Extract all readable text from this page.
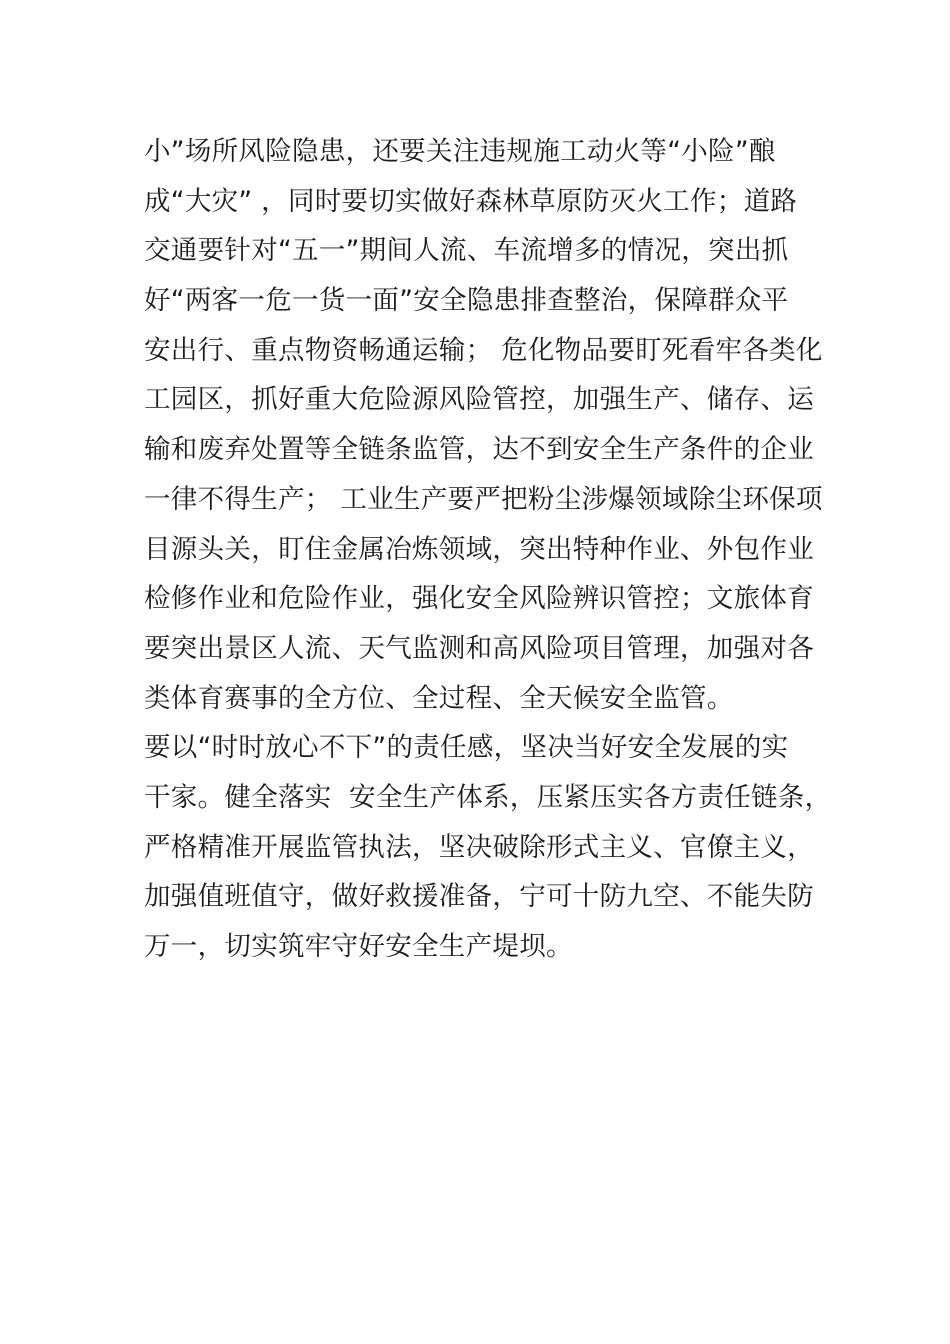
小”场所风险隐患，还要关注违规施工动火等“小险”酿
成“大灾” ，同时要切实做好森林草原防灭火工作；道路
交通要针对“五一”期间人流、车流增多的情况，突出抓
好“两客一危一货一面”安全隐患排查整治，保障群众平
安出行、重点物资畅通运输； 危化物品要盯死看牢各类化
工园区，抓好重大危险源风险管控，加强生产、储存、运
输和废弃处置等全链条监管，达不到安全生产条件的企业
一律不得生产； 工业生产要严把粉尘涉爆领域除尘环保项
目源头关，盯住金属冶炼领域，突出特种作业、外包作业
检修作业和危险作业，强化安全风险辨识管控；文旅体育
要突出景区人流、天气监测和高风险项目管理，加强对各
类体育赛事的全方位、全过程、全天候安全监管。
要以“时时放心不下”的责任感，坚决当好安全发展的实
干家。健全落实  安全生产体系，压紧压实各方责任链条，
严格精准开展监管执法，坚决破除形式主义、官僚主义，
加强值班值守，做好救援准备，宁可十防九空、不能失防
万一，切实筑牢守好安全生产堤坝。
